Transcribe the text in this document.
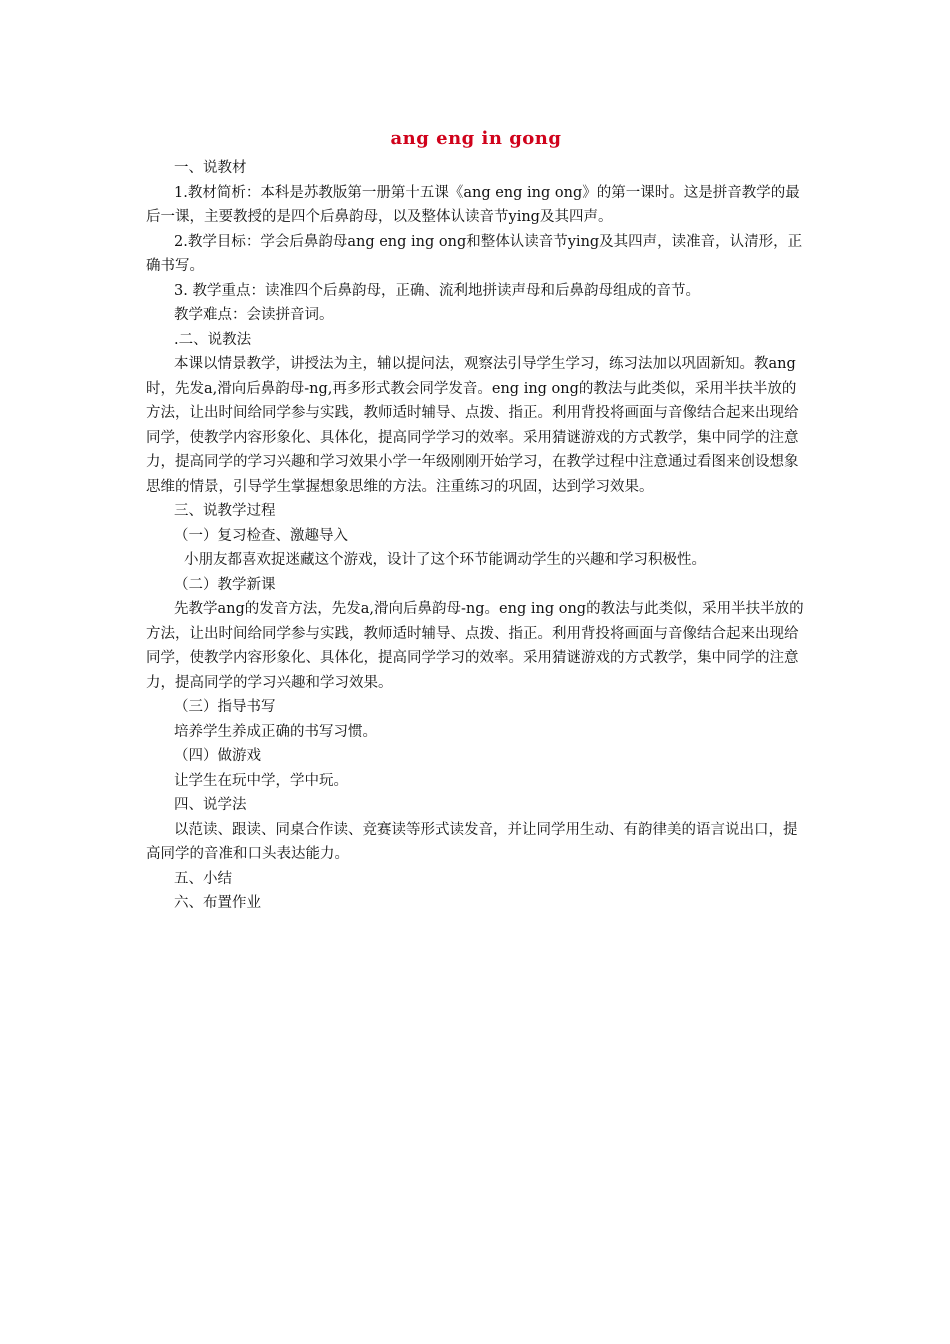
ang eng in gong

一、说教材

1.教材简析：本科是苏教版第一册第十五课《ang eng ing ong》的第一课时。这是拼音教学的最后一课，主要教授的是四个后鼻韵母，以及整体认读音节ying及其四声。

2.教学目标：学会后鼻韵母ang eng ing ong和整体认读音节ying及其四声，读准音，认清形，正确书写。

3. 教学重点：读准四个后鼻韵母，正确、流利地拼读声母和后鼻韵母组成的音节。

教学难点：会读拼音词。

.二、说教法

本课以情景教学，讲授法为主，辅以提问法，观察法引导学生学习，练习法加以巩固新知。教ang时，先发a,滑向后鼻韵母-ng,再多形式教会同学发音。eng ing ong的教法与此类似，采用半扶半放的方法，让出时间给同学参与实践，教师适时辅导、点拨、指正。利用背投将画面与音像结合起来出现给同学，使教学内容形象化、具体化，提高同学学习的效率。采用猜谜游戏的方式教学，集中同学的注意力，提高同学的学习兴趣和学习效果小学一年级刚刚开始学习，在教学过程中注意通过看图来创设想象思维的情景，引导学生掌握想象思维的方法。注重练习的巩固，达到学习效果。

三、说教学过程

（一）复习检查、激趣导入

小朋友都喜欢捉迷藏这个游戏，设计了这个环节能调动学生的兴趣和学习积极性。

（二）教学新课

先教学ang的发音方法，先发a,滑向后鼻韵母-ng。eng ing ong的教法与此类似，采用半扶半放的方法，让出时间给同学参与实践，教师适时辅导、点拨、指正。利用背投将画面与音像结合起来出现给同学，使教学内容形象化、具体化，提高同学学习的效率。采用猜谜游戏的方式教学，集中同学的注意力，提高同学的学习兴趣和学习效果。

（三）指导书写

培养学生养成正确的书写习惯。

（四）做游戏

让学生在玩中学，学中玩。

四、说学法

以范读、跟读、同桌合作读、竞赛读等形式读发音，并让同学用生动、有韵律美的语言说出口，提高同学的音准和口头表达能力。

五、小结

六、布置作业
